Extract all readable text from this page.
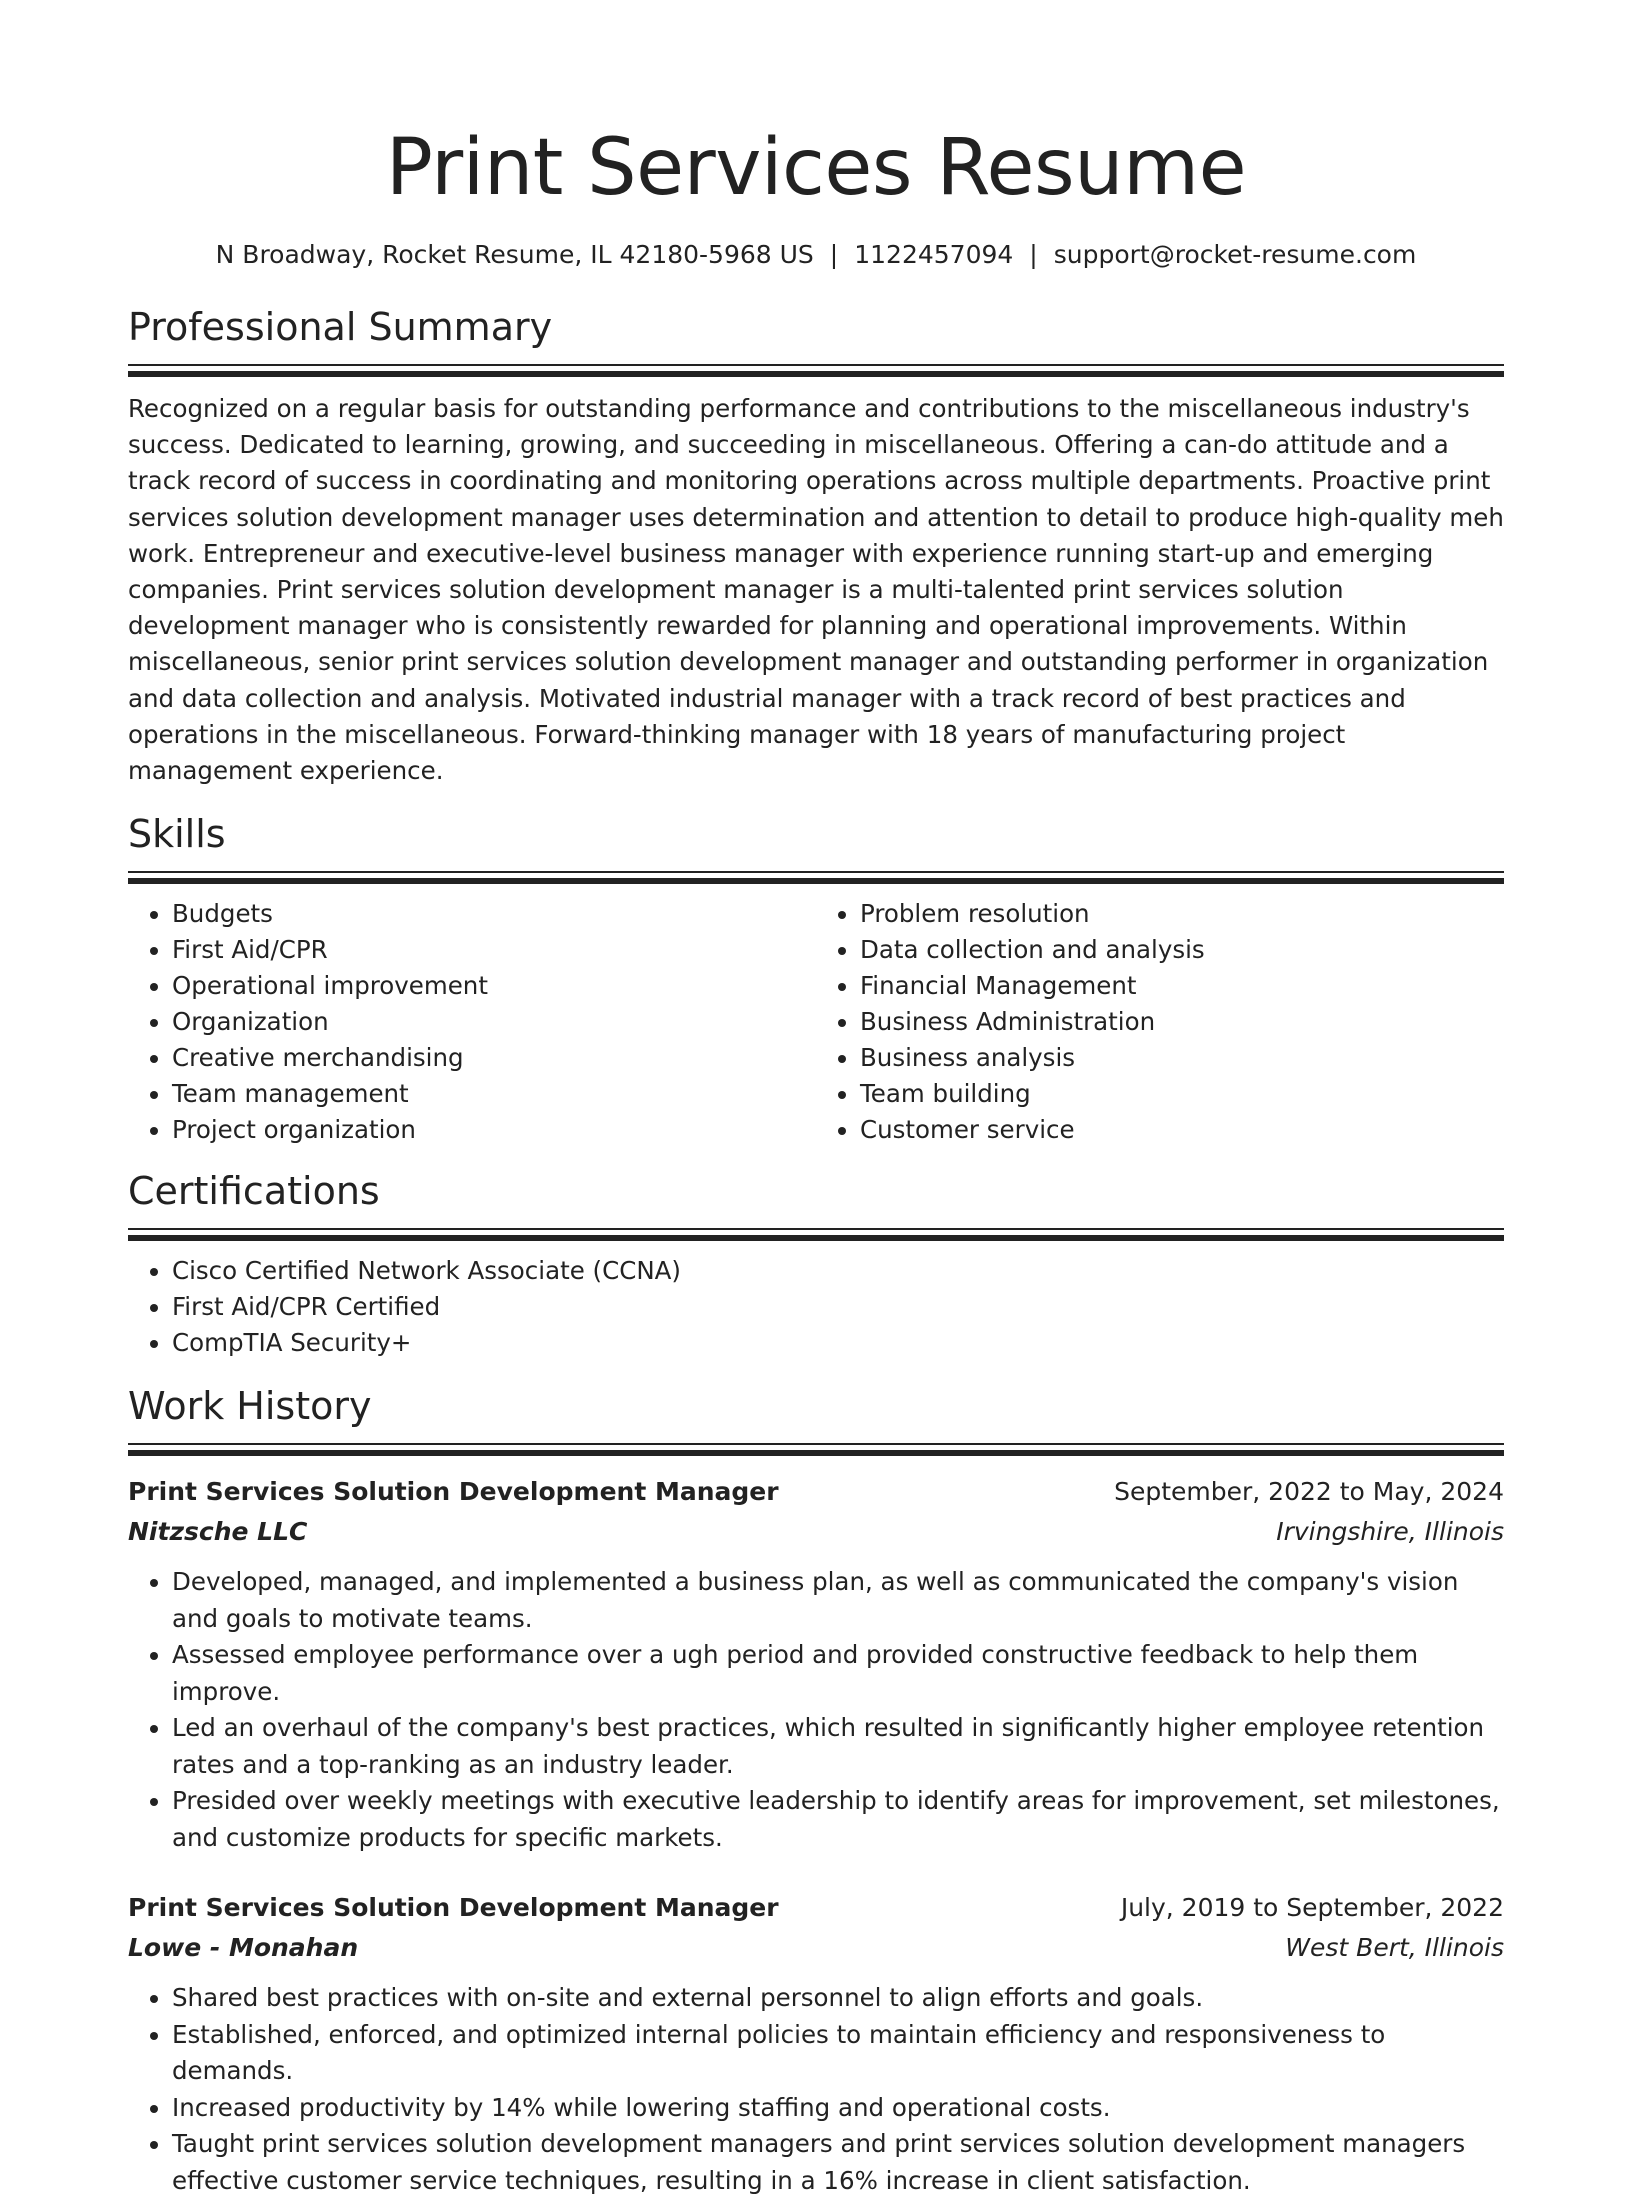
Print Services Resume
N Broadway, Rocket Resume, IL 42180-5968 US | 1122457094 | support@rocket-resume.com
Professional Summary

Recognized on a regular basis for outstanding performance and contributions to the miscellaneous industry's success. Dedicated to learning, growing, and succeeding in miscellaneous. Offering a can-do attitude and a track record of success in coordinating and monitoring operations across multiple departments. Proactive print services solution development manager uses determination and attention to detail to produce high-quality meh work. Entrepreneur and executive-level business manager with experience running start-up and emerging companies. Print services solution development manager is a multi-talented print services solution development manager who is consistently rewarded for planning and operational improvements. Within miscellaneous, senior print services solution development manager and outstanding performer in organization and data collection and analysis. Motivated industrial manager with a track record of best practices and operations in the miscellaneous. Forward-thinking manager with 18 years of manufacturing project management experience.

Skills
• Budgets
• First Aid/CPR
• Operational improvement
• Organization
• Creative merchandising
• Team management
• Project organization
• Problem resolution
• Data collection and analysis
• Financial Management
• Business Administration
• Business analysis
• Team building
• Customer service
Certifications
• Cisco Certified Network Associate (CCNA)
• First Aid/CPR Certified
• CompTIA Security+
Work History
Print Services Solution Development Manager	September, 2022 to May, 2024
Nitzsche LLC	Irvingshire, Illinois
• Developed, managed, and implemented a business plan, as well as communicated the company's vision and goals to motivate teams.
• Assessed employee performance over a ugh period and provided constructive feedback to help them improve.
• Led an overhaul of the company's best practices, which resulted in significantly higher employee retention rates and a top-ranking as an industry leader.
• Presided over weekly meetings with executive leadership to identify areas for improvement, set milestones, and customize products for specific markets.
Print Services Solution Development Manager	July, 2019 to September, 2022
Lowe - Monahan	West Bert, Illinois
• Shared best practices with on-site and external personnel to align efforts and goals.
• Established, enforced, and optimized internal policies to maintain efficiency and responsiveness to demands.
• Increased productivity by 14% while lowering staffing and operational costs.
• Taught print services solution development managers and print services solution development managers effective customer service techniques, resulting in a 16% increase in client satisfaction.
